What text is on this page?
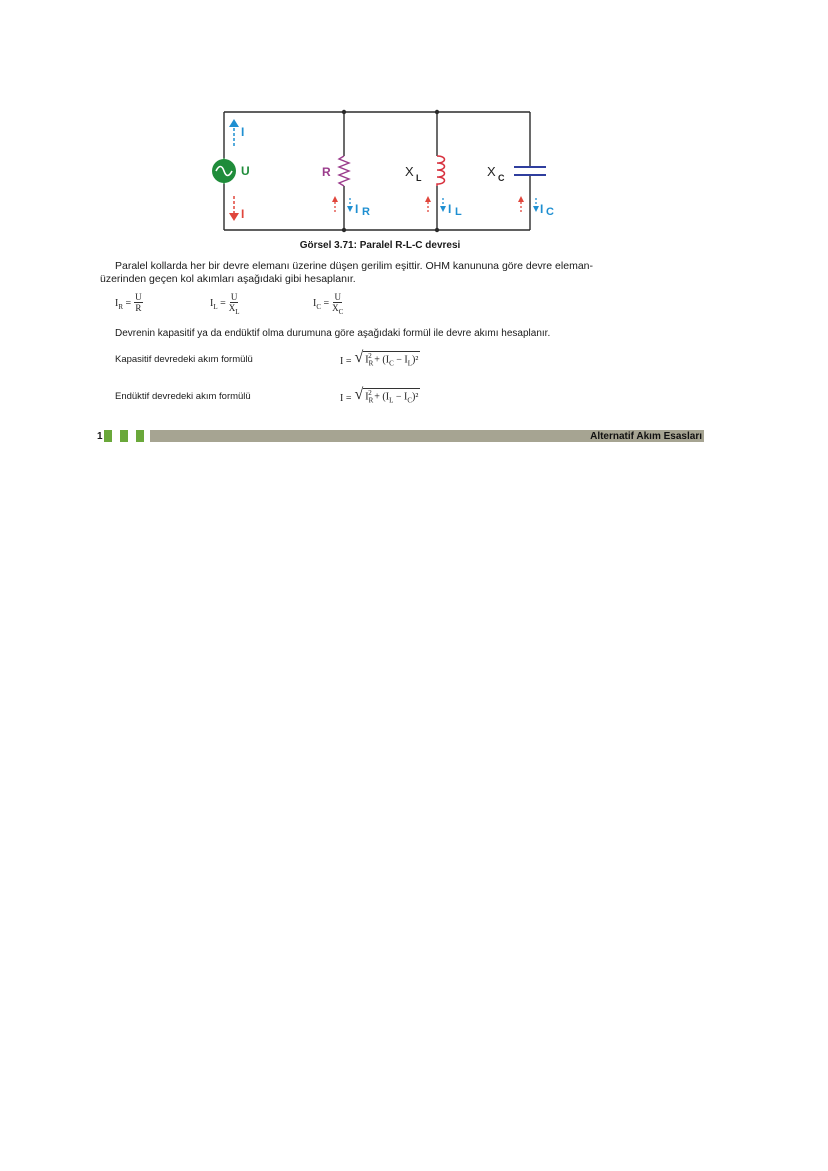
U
I
I
R	X L	X C
I R	I L	I C
Görsel 3.71: Paralel R-L-C devresi
Paralel kollarda her bir devre elemanı üzerine düşen gerilim eşittir. OHM kanununa göre devre eleman-
üzerinden geçen kol akımları aşağıdaki gibi hesaplanır.
$I_R = \frac{U}{R}$	$I_L = \frac{U}{X_L}$	$I_C = \frac{U}{X_C}$
Devrenin kapasitif ya da endüktif olma durumuna göre aşağıdaki formül ile devre akımı hesaplanır.
Kapasitif devredeki akım formülü	I = √ $I_R^2 + (I_C - I_L)^2$
Endüktif devredeki akım formülü	I = √ $I_R^2 + (I_L - I_C)^2$
1	Alternatif Akım Esasları
